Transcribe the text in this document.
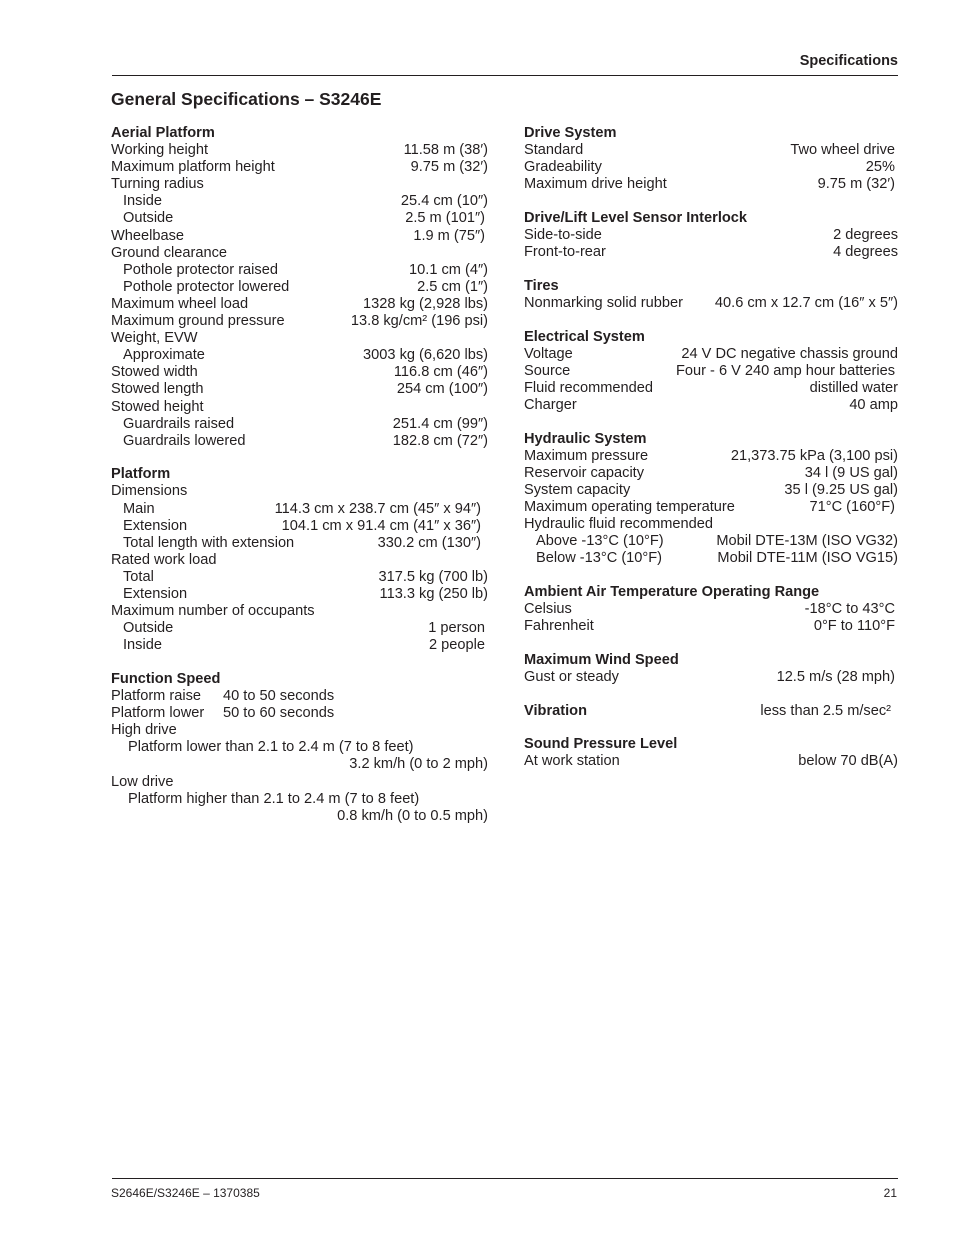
Specifications
General Specifications – S3246E
Aerial Platform
Working height	11.58 m (38′)
Maximum platform height	9.75 m (32′)
Turning radius
Inside	25.4 cm (10″)
Outside	2.5 m (101″)
Wheelbase	1.9 m (75″)
Ground clearance
Pothole protector raised	10.1 cm (4″)
Pothole protector lowered	2.5 cm (1″)
Maximum wheel load	1328 kg (2,928 lbs)
Maximum ground pressure	13.8 kg/cm² (196 psi)
Weight, EVW
Approximate	3003 kg (6,620 lbs)
Stowed width	116.8 cm (46″)
Stowed length	254 cm (100″)
Stowed height
Guardrails raised	251.4 cm (99″)
Guardrails lowered	182.8 cm (72″)
Platform
Dimensions
Main	114.3 cm x 238.7 cm (45″ x 94″)
Extension	104.1 cm x 91.4 cm (41″ x 36″)
Total length with extension	330.2 cm (130″)
Rated work load
Total	317.5 kg (700 lb)
Extension	113.3 kg (250 lb)
Maximum number of occupants
Outside	1 person
Inside	2 people
Function Speed
Platform raise 40 to 50 seconds
Platform lower 50 to 60 seconds
High drive
Platform lower than 2.1 to 2.4 m (7 to 8 feet)
3.2 km/h (0 to 2 mph)
Low drive
Platform higher than 2.1 to 2.4 m (7 to 8 feet)
0.8 km/h (0 to 0.5 mph)
Drive System
Standard	Two wheel drive
Gradeability	25%
Maximum drive height	9.75 m (32′)
Drive/Lift Level Sensor Interlock
Side-to-side	2 degrees
Front-to-rear	4 degrees
Tires
Nonmarking solid rubber 40.6 cm x 12.7 cm (16″ x 5″)
Electrical System
Voltage	24 V DC negative chassis ground
Source	Four - 6 V 240 amp hour batteries
Fluid recommended	distilled water
Charger	40 amp
Hydraulic System
Maximum pressure	21,373.75 kPa (3,100 psi)
Reservoir capacity	34 l (9 US gal)
System capacity	35 l (9.25 US gal)
Maximum operating temperature	71°C (160°F)
Hydraulic fluid recommended
Above -13°C (10°F)	Mobil DTE-13M (ISO VG32)
Below -13°C (10°F)	Mobil DTE-11M (ISO VG15)
Ambient Air Temperature Operating Range
Celsius	-18°C to 43°C
Fahrenheit	0°F to 110°F
Maximum Wind Speed
Gust or steady	12.5 m/s (28 mph)
Vibration	less than 2.5 m/sec²
Sound Pressure Level
At work station	below 70 dB(A)
S2646E/S3246E – 1370385	21
